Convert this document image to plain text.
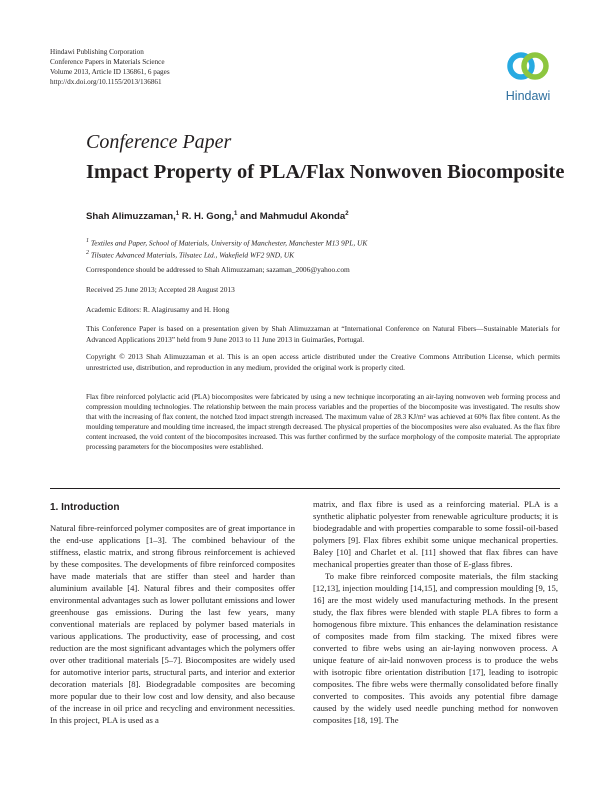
Hindawi Publishing Corporation
Conference Papers in Materials Science
Volume 2013, Article ID 136861, 6 pages
http://dx.doi.org/10.1155/2013/136861
Hindawi
Conference Paper
Impact Property of PLA/Flax Nonwoven Biocomposite
Shah Alimuzzaman,$^1$ R. H. Gong,$^1$ and Mahmudul Akonda$^2$
$^1$ Textiles and Paper, School of Materials, University of Manchester, Manchester M13 9PL, UK
$^2$ Tilsatec Advanced Materials, Tilsatec Ltd., Wakefield WF2 9ND, UK
Correspondence should be addressed to Shah Alimuzzaman; sazaman_2006@yahoo.com
Received 25 June 2013; Accepted 28 August 2013
Academic Editors: R. Alagirusamy and H. Hong
This Conference Paper is based on a presentation given by Shah Alimuzzaman at “International Conference on Natural Fibers—Sustainable Materials for Advanced Applications 2013” held from 9 June 2013 to 11 June 2013 in Guimarães, Portugal.
Copyright © 2013 Shah Alimuzzaman et al. This is an open access article distributed under the Creative Commons Attribution License, which permits unrestricted use, distribution, and reproduction in any medium, provided the original work is properly cited.
Flax fibre reinforced polylactic acid (PLA) biocomposites were fabricated by using a new technique incorporating an air-laying nonwoven web forming process and compression moulding technologies. The relationship between the main process variables and the properties of the biocomposite was investigated. The results show that with the increasing of flax content, the notched Izod impact strength increased. The maximum value of 28.3 KJ/m² was achieved at 60% flax fibre content. As the moulding temperature and moulding time increased, the impact strength decreased. The physical properties of the biocomposites were also evaluated. As the flax fibre content increased, the void content of the biocomposites increased. This was further confirmed by the surface morphology of the composite material. The appropriate processing parameters for the biocomposites were established.
1. Introduction

Natural fibre-reinforced polymer composites are of great importance in the end-use applications [1–3]. The combined behaviour of the stiffness, elastic matrix, and strong fibrous reinforcement is achieved by these composites. The developments of fibre reinforced composites have made materials that are stiffer than steel and harder than aluminium available [4]. Natural fibres and their composites offer environmental advantages such as lower pollutant emissions and lower greenhouse gas emissions. During the last few years, many conventional materials are replaced by polymer based materials in various applications. The productivity, ease of processing, and cost reduction are the most significant advantages which the polymers offer over other traditional materials [5–7]. Biocomposites are widely used for automotive interior parts, structural parts, and interior and exterior decoration materials [8]. Biodegradable composites are becoming more popular due to their low cost and low density, and also because of the increase in oil price and recycling and environment necessities. In this project, PLA is used as a

matrix, and flax fibre is used as a reinforcing material. PLA is a synthetic aliphatic polyester from renewable agriculture products; it is biodegradable and with properties comparable to some fossil-oil-based polymers [9]. Flax fibres exhibit some unique mechanical properties. Baley [10] and Charlet et al. [11] showed that flax fibres can have mechanical properties greater than those of E-glass fibres.

To make fibre reinforced composite materials, the film stacking [12,13], injection moulding [14,15], and compression moulding [9, 15, 16] are the most widely used manufacturing methods. In the present study, the flax fibres were blended with staple PLA fibres to form a homogenous fibre mixture. This enhances the delamination resistance of composites made from film stacking. The mixed fibres were converted to fibre webs using an air-laying nonwoven process. A unique feature of air-laid nonwoven process is to produce the webs with isotropic fibre orientation distribution [17], leading to isotropic composites. The fibre webs were thermally consolidated before finally converted to composites. This avoids any potential fibre damage caused by the widely used needle punching method for nonwoven composites [18, 19]. The
